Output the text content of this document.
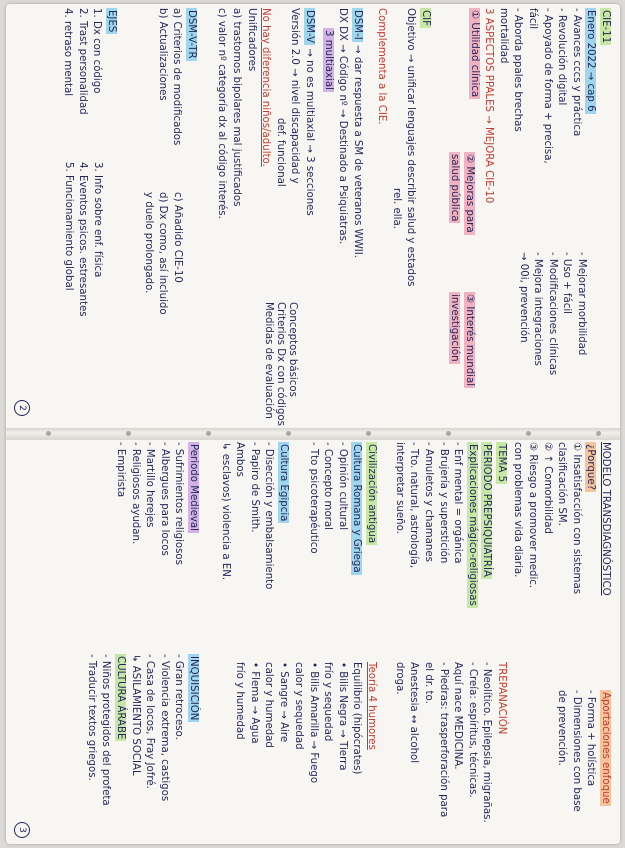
CIE-11
Enero 2022 → cap 6
- Avances cccs y práctica
- Revolución digital
- Apoyado de forma + precisa,
fácil
- Aborda ppales brechas
mortalidad
3 ASPECTOS PPALES → MEJORA CIE-10
① Utilidad clínica
② Mejoras para
salud pública
③ Interés mundial
investigación	- Mejorar morbilidad
- Uso + fácil
- Modificaciones clínicas
- Mejora integraciones
→ 00i, prevención
CIF
Objetivo → unificar lenguajes describir salud y estados
rel. ella.
Complementa a la CIE.
DSM-I → dar respuesta a SM de veteranos WWII.
DX DX → Código nº → Destinado a Psiquiatras.
3 multiaxial
DSM-V → no es multiaxial → 3 secciones
Versión 2.0 → nivel discapacidad y
def. funcional
No hay diferencia niños/adulto.
Unificadores
a) trastornos bipolares mal justificados
c) valor nº categoría dx al código interés.
Conceptos básicos
Criterios Dx con códigos
Medidas de evaluación
DSM-V-TR
a) Criterios de modificados
b) Actualizaciones
c) Añadido CIE-10
d) Dx como, así incluido
y duelo prolongado.
EJES
1. Dx con código
2. Trast personalidad
4. retraso mental
3. Info sobre enf. física
4. Eventos psicos. estresantes
5. Funcionamiento global
2
MODELO TRANSDIAGNÓSTICO
¿Porque?
① Insatisfacción con sistemas
clasificación SM.
② ↑ Comorbilidad
③ Riesgo a promover medic.
con problemas vida diaria.
Aportaciones enfoque
- Forma + holística
- Dimensiones con base
de prevención.
TEMA 5
PERIODO PREPSIQUIATRÍA
Explicaciones mágico-religiosas
- Enf mental = orgánica
- Brujería y superstición
- Amuletos y chamanes
- Tto. natural, astrología,
interpretar sueño.
TREPANACIÓN
- Neolítico. Epilepsia, migrañas.
- Creía: espíritus, técnicas.
Aquí nace MEDICINA.
- Piedras: trasperforación para
el dr. to.
Anestesia ↔ alcohol
droga.
Civilización antigua
Cultura Romana y Griega
- Opinión cultural
- Concepto moral
- Tto psicoterapéutico
Teoría 4 humores
Equilibrio (hipócrates)
• Bilis Negra → Tierra
frío y sequedad
• Bilis Amarilla → Fuego
calor y sequedad
Cultura Egipcia
- Disección y embalsamiento
- Papiro de Smith.
Ambos
↳ esclavos) violencia a EN.
• Sangre → Aire
calor y humedad
• Flema → Agua
frío y humedad
Periodo Medieval
- Sufrimientos religiosos
- Albergues para locos
- Martillo herejes
- Religiosos ayudan.
- Empirista
INQUISICIÓN
- Gran retroceso.
- Violencia extrema, castigos
- Casa de locos, Fray Jofré.
↳ ASILAMIENTO SOCIAL
CULTURA ÁRABE
- Niños protegidos del profeta
- Traducir textos griegos.
3
